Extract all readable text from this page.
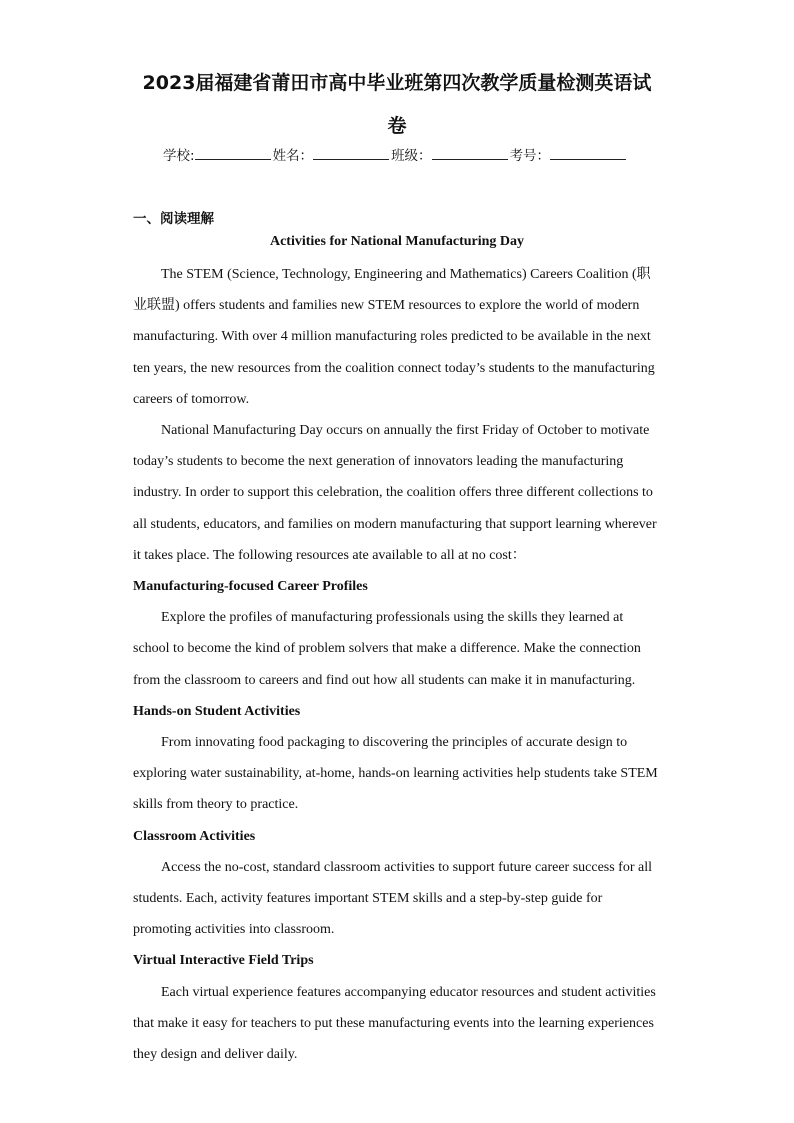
2023届福建省莆田市高中毕业班第四次教学质量检测英语试
卷
学校:	姓名：	班级：	考号：
一、阅读理解
Activities for National Manufacturing Day

The STEM (Science, Technology, Engineering and Mathematics) Careers Coalition (职业联盟) offers students and families new STEM resources to explore the world of modern manufacturing. With over 4 million manufacturing roles predicted to be available in the next ten years, the new resources from the coalition connect today’s students to the manufacturing careers of tomorrow.

National Manufacturing Day occurs on annually the first Friday of October to motivate today’s students to become the next generation of innovators leading the manufacturing industry. In order to support this celebration, the coalition offers three different collections to all students, educators, and families on modern manufacturing that support learning wherever it takes place. The following resources ate available to all at no cost：

Manufacturing-focused Career Profiles

Explore the profiles of manufacturing professionals using the skills they learned at school to become the kind of problem solvers that make a difference. Make the connection from the classroom to careers and find out how all students can make it in manufacturing.

Hands-on Student Activities

From innovating food packaging to discovering the principles of accurate design to exploring water sustainability, at-home, hands-on learning activities help students take STEM skills from theory to practice.

Classroom Activities

Access the no-cost, standard classroom activities to support future career success for all students. Each, activity features important STEM skills and a step-by-step guide for promoting activities into classroom.

Virtual Interactive Field Trips

Each virtual experience features accompanying educator resources and student activities that make it easy for teachers to put these manufacturing events into the learning experiences they design and deliver daily.
